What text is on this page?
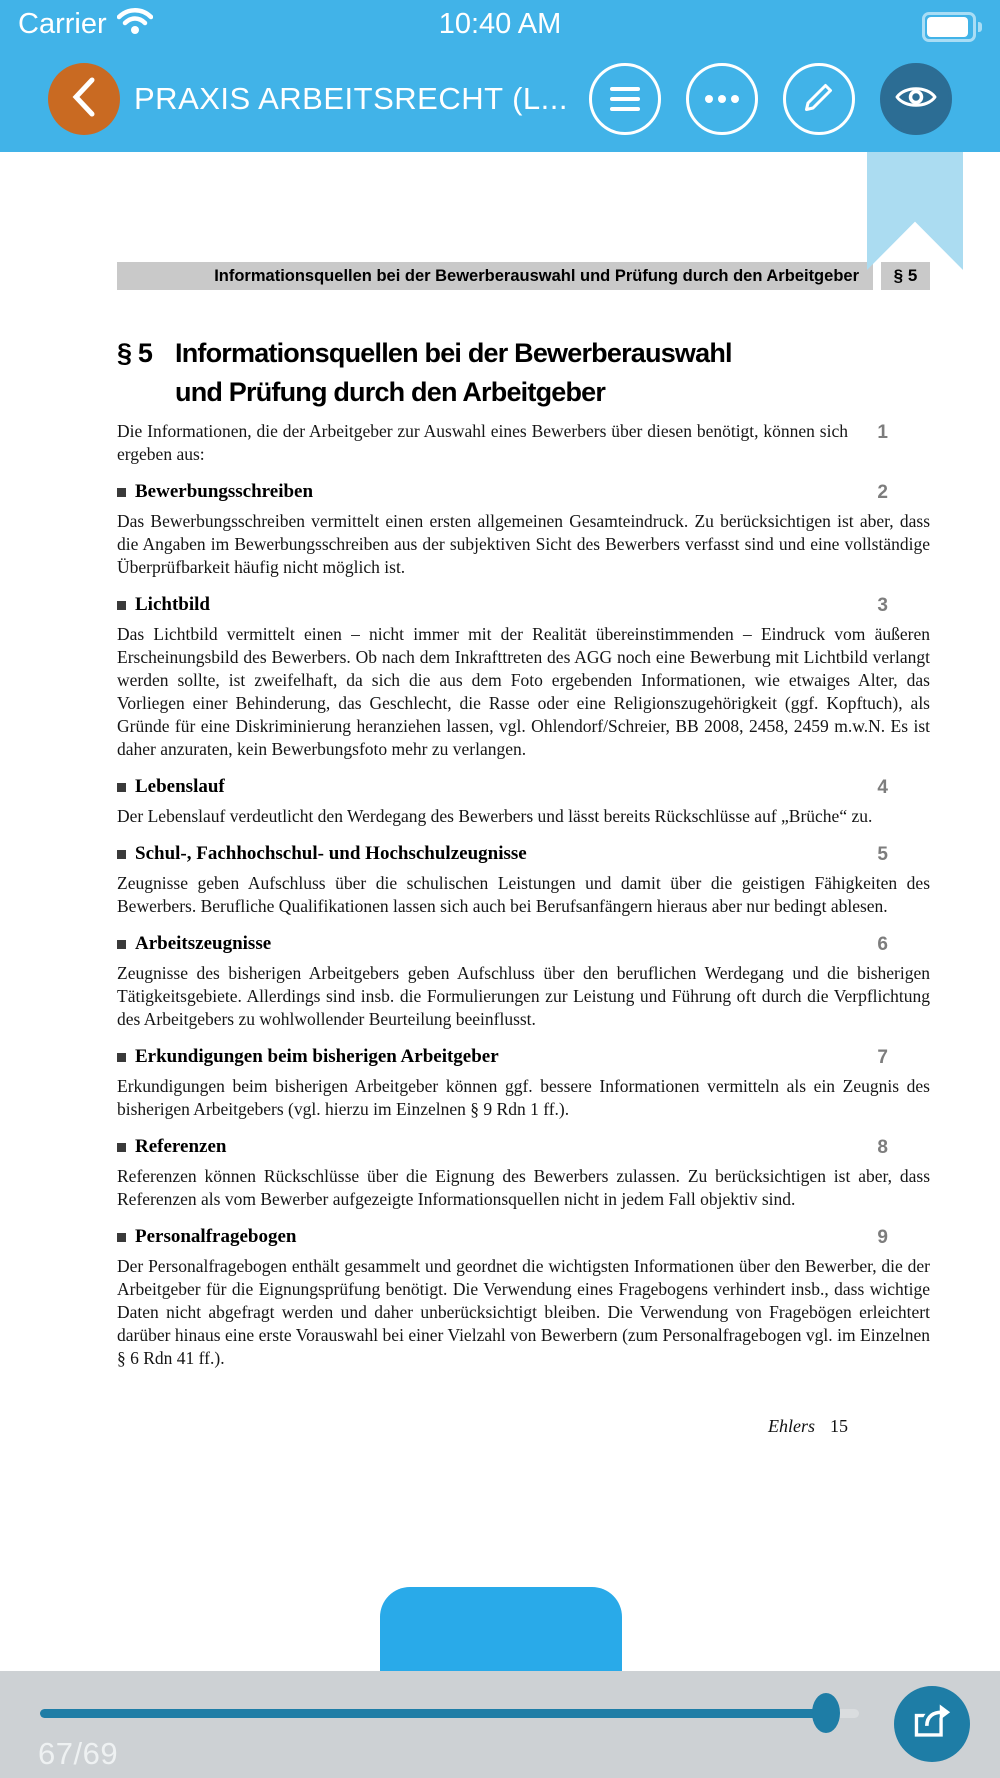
Carrier	10:40 AM
PRAXIS ARBEITSRECHT (L...
Informationsquellen bei der Bewerberauswahl und Prüfung durch den Arbeitgeber	§ 5
§ 5 Informationsquellen bei der Bewerberauswahl und Prüfung durch den Arbeitgeber

Die Informationen, die der Arbeitgeber zur Auswahl eines Bewerbers über diesen benötigt, können sich ergeben aus:

1
Bewerbungsschreiben	2

Das Bewerbungsschreiben vermittelt einen ersten allgemeinen Gesamteindruck. Zu berücksichtigen ist aber, dass die Angaben im Bewerbungsschreiben aus der subjektiven Sicht des Bewerbers verfasst sind und eine vollständige Überprüfbarkeit häufig nicht möglich ist.

Lichtbild	3

Das Lichtbild vermittelt einen – nicht immer mit der Realität übereinstimmenden – Eindruck vom äußeren Erscheinungsbild des Bewerbers. Ob nach dem Inkrafttreten des AGG noch eine Bewerbung mit Lichtbild verlangt werden sollte, ist zweifelhaft, da sich die aus dem Foto ergebenden Informationen, wie etwaiges Alter, das Vorliegen einer Behinderung, das Geschlecht, die Rasse oder eine Religionszugehörigkeit (ggf. Kopftuch), als Gründe für eine Diskriminierung heranziehen lassen, vgl. Ohlendorf/Schreier, BB 2008, 2458, 2459 m.w.N. Es ist daher anzuraten, kein Bewerbungsfoto mehr zu verlangen.

Lebenslauf	4

Der Lebenslauf verdeutlicht den Werdegang des Bewerbers und lässt bereits Rückschlüsse auf „Brüche“ zu.

Schul-, Fachhochschul- und Hochschulzeugnisse	5

Zeugnisse geben Aufschluss über die schulischen Leistungen und damit über die geistigen Fähigkeiten des Bewerbers. Berufliche Qualifikationen lassen sich auch bei Berufsanfängern hieraus aber nur bedingt ablesen.

Arbeitszeugnisse	6

Zeugnisse des bisherigen Arbeitgebers geben Aufschluss über den beruflichen Werdegang und die bisherigen Tätigkeitsgebiete. Allerdings sind insb. die Formulierungen zur Leistung und Führung oft durch die Verpflichtung des Arbeitgebers zu wohlwollender Beurteilung beeinflusst.

Erkundigungen beim bisherigen Arbeitgeber	7

Erkundigungen beim bisherigen Arbeitgeber können ggf. bessere Informationen vermitteln als ein Zeugnis des bisherigen Arbeitgebers (vgl. hierzu im Einzelnen § 9 Rdn 1 ff.).

Referenzen	8

Referenzen können Rückschlüsse über die Eignung des Bewerbers zulassen. Zu berücksichtigen ist aber, dass Referenzen als vom Bewerber aufgezeigte Informationsquellen nicht in jedem Fall objektiv sind.

Personalfragebogen	9

Der Personalfragebogen enthält gesammelt und geordnet die wichtigsten Informationen über den Bewerber, die der Arbeitgeber für die Eignungsprüfung benötigt. Die Verwendung eines Fragebogens verhindert insb., dass wichtige Daten nicht abgefragt werden und daher unberücksichtigt bleiben. Die Verwendung von Fragebögen erleichtert darüber hinaus eine erste Vorauswahl bei einer Vielzahl von Bewerbern (zum Personalfragebogen vgl. im Einzelnen § 6 Rdn 41 ff.).

Ehlers 15
67/69
